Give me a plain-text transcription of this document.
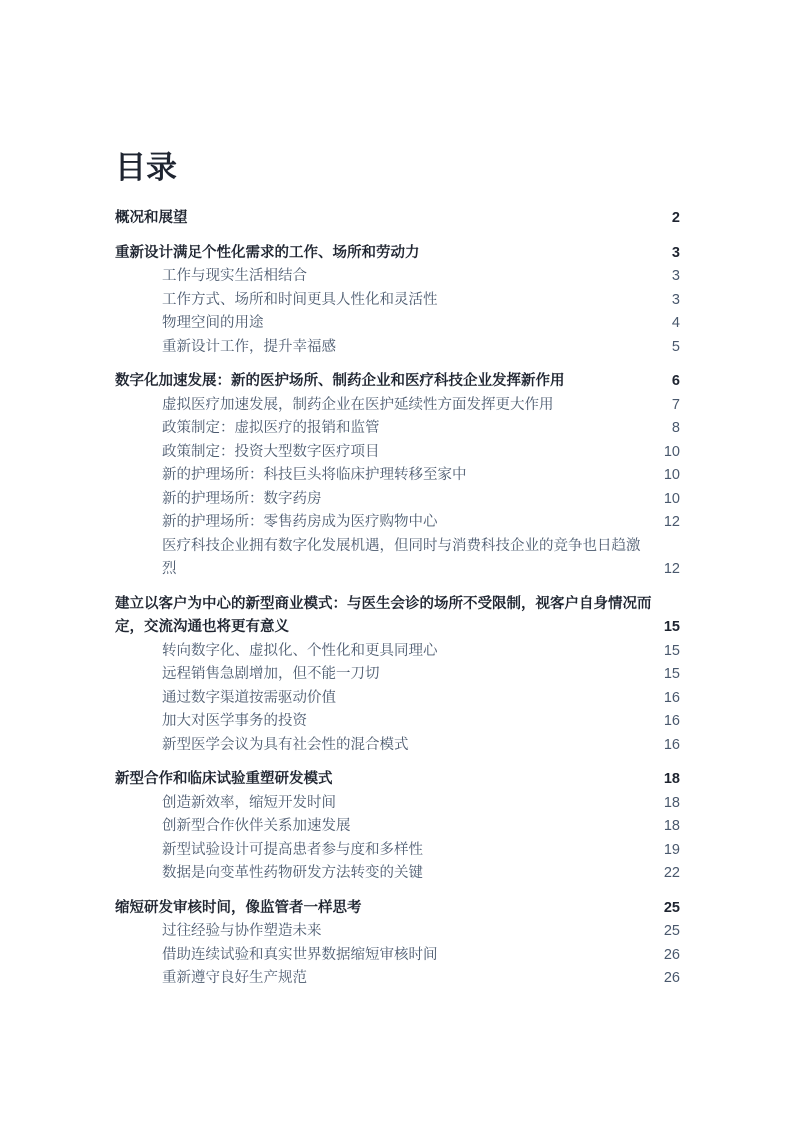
目录
概况和展望	2
重新设计满足个性化需求的工作、场所和劳动力	3
工作与现实生活相结合	3
工作方式、场所和时间更具人性化和灵活性	3
物理空间的用途	4
重新设计工作，提升幸福感	5
数字化加速发展：新的医护场所、制药企业和医疗科技企业发挥新作用	6
虚拟医疗加速发展，制药企业在医护延续性方面发挥更大作用	7
政策制定：虚拟医疗的报销和监管	8
政策制定：投资大型数字医疗项目	10
新的护理场所：科技巨头将临床护理转移至家中	10
新的护理场所：数字药房	10
新的护理场所：零售药房成为医疗购物中心	12
医疗科技企业拥有数字化发展机遇，但同时与消费科技企业的竞争也日趋激烈	12
建立以客户为中心的新型商业模式：与医生会诊的场所不受限制，视客户自身情况而定，交流沟通也将更有意义	15
转向数字化、虚拟化、个性化和更具同理心	15
远程销售急剧增加，但不能一刀切	15
通过数字渠道按需驱动价值	16
加大对医学事务的投资	16
新型医学会议为具有社会性的混合模式	16
新型合作和临床试验重塑研发模式	18
创造新效率，缩短开发时间	18
创新型合作伙伴关系加速发展	18
新型试验设计可提高患者参与度和多样性	19
数据是向变革性药物研发方法转变的关键	22
缩短研发审核时间，像监管者一样思考	25
过往经验与协作塑造未来	25
借助连续试验和真实世界数据缩短审核时间	26
重新遵守良好生产规范	26
